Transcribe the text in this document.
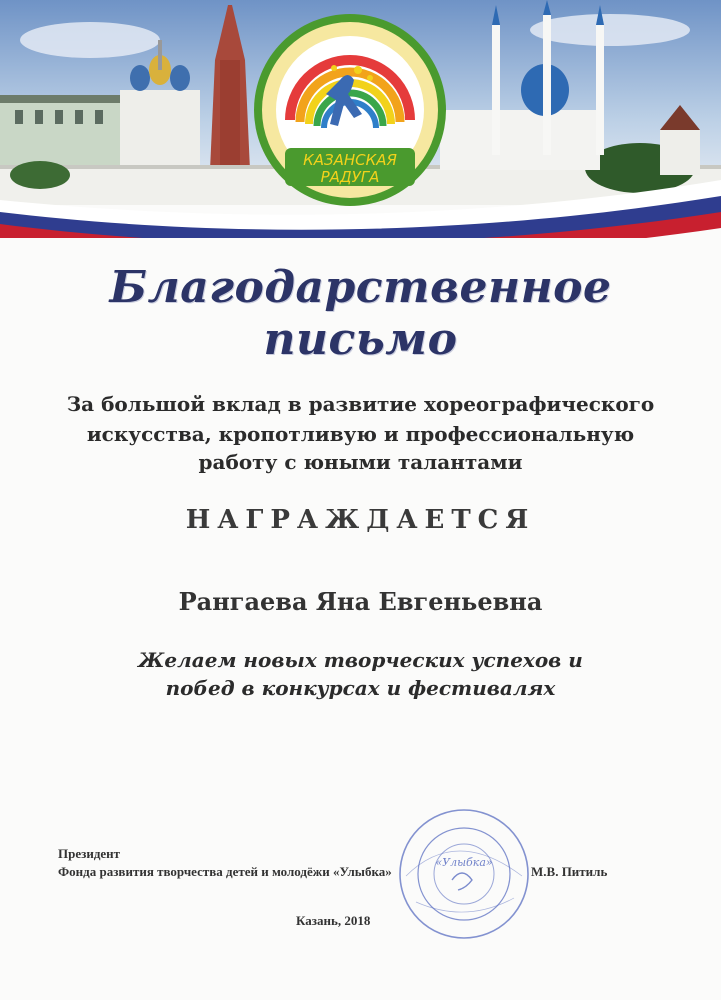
КАЗАНСКАЯ
РАДУГА
Благодарственное
письмо
За большой вклад в развитие хореографического
искусства, кропотливую и профессиональную
работу с юными талантами
НАГРАЖДАЕТСЯ
Рангаева Яна Евгеньевна
Желаем новых творческих успехов и
побед в конкурсах и фестивалях
Президент
Фонда развития творчества детей и молодёжи «Улыбка»	М.В. Питиль
Казань, 2018
«Улыбка»
